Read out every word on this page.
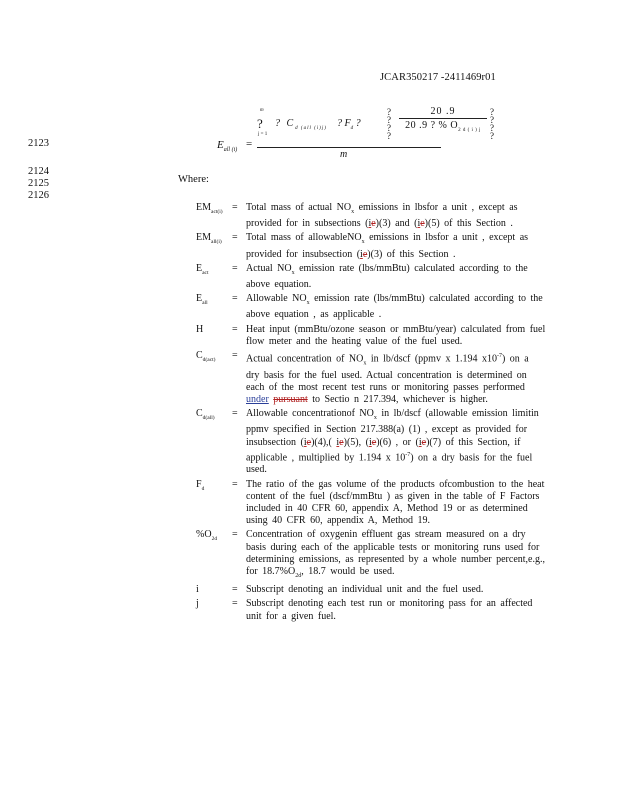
JCAR350217 -2411469r01
2123
2124
2125
2126
$E_{all (i)}$
=
m
?
j = 1
? $C_{d (all (i)j)}$ ? $F_d$ ?
?
?
?
?
20 .9
20 .9 ? % $O_{2 d ( i ) j}$
?
?
?
?
m
Where:
$EM_{act(i)}$ = Total mass of actual $NO_x$ emissions in lbsfor a unit , except as provided for in subsections (ie)(3) and (ie)(5) of this Section .
$EM_{all(i)}$	= Total mass of allowableNO$_x$ emissions in lbsfor a unit , except as provided for insubsection (ie)(3) of this Section .
$E_{act}$	= Actual $NO_x$ emission rate (lbs/mmBtu) calculated according to the above equation.
$E_{all}$	= Allowable $NO_x$ emission rate (lbs/mmBtu) calculated according to the above equation , as applicable .
H	= Heat input (mmBtu/ozone season or mmBtu/year) calculated from fuel flow meter and the heating value of the fuel used.
$C_{d(act)}$	= Actual concentration of $NO_x$ in lb/dscf (ppmv x 1.194 $x10^{-7}$) on a dry basis for the fuel used. Actual concentration is determined on each of the most recent test runs or monitoring passes performed under pursuant to Sectio n 217.394, whichever is higher.
$C_{d(all)}$	= Allowable concentrationof $NO_x$ in lb/dscf (allowable emission limitin ppmv specified in Section 217.388(a) (1) , except as provided for insubsection (ie)(4),( ie)(5), (ie)(6) , or (ie)(7) of this Section, if applicable , multiplied by 1.194 x $10^{-7}$) on a dry basis for the fuel used.
$F_d$	= The ratio of the gas volume of the products ofcombustion to the heat content of the fuel (dscf/mmBtu ) as given in the table of F Factors included in 40 CFR 60, appendix A, Method 19 or as determined using 40 CFR 60, appendix A, Method 19.
$\%O_{2d}$	= Concentration of oxygenin effluent gas stream measured on a dry basis during each of the applicable tests or monitoring runs used for determining emissions, as represented by a whole number percent,e.g., for $18.7\%O_{2d}$, 18.7 would be used.
i	= Subscript denoting an individual unit and the fuel used.
j	= Subscript denoting each test run or monitoring pass for an affected unit for a given fuel.
